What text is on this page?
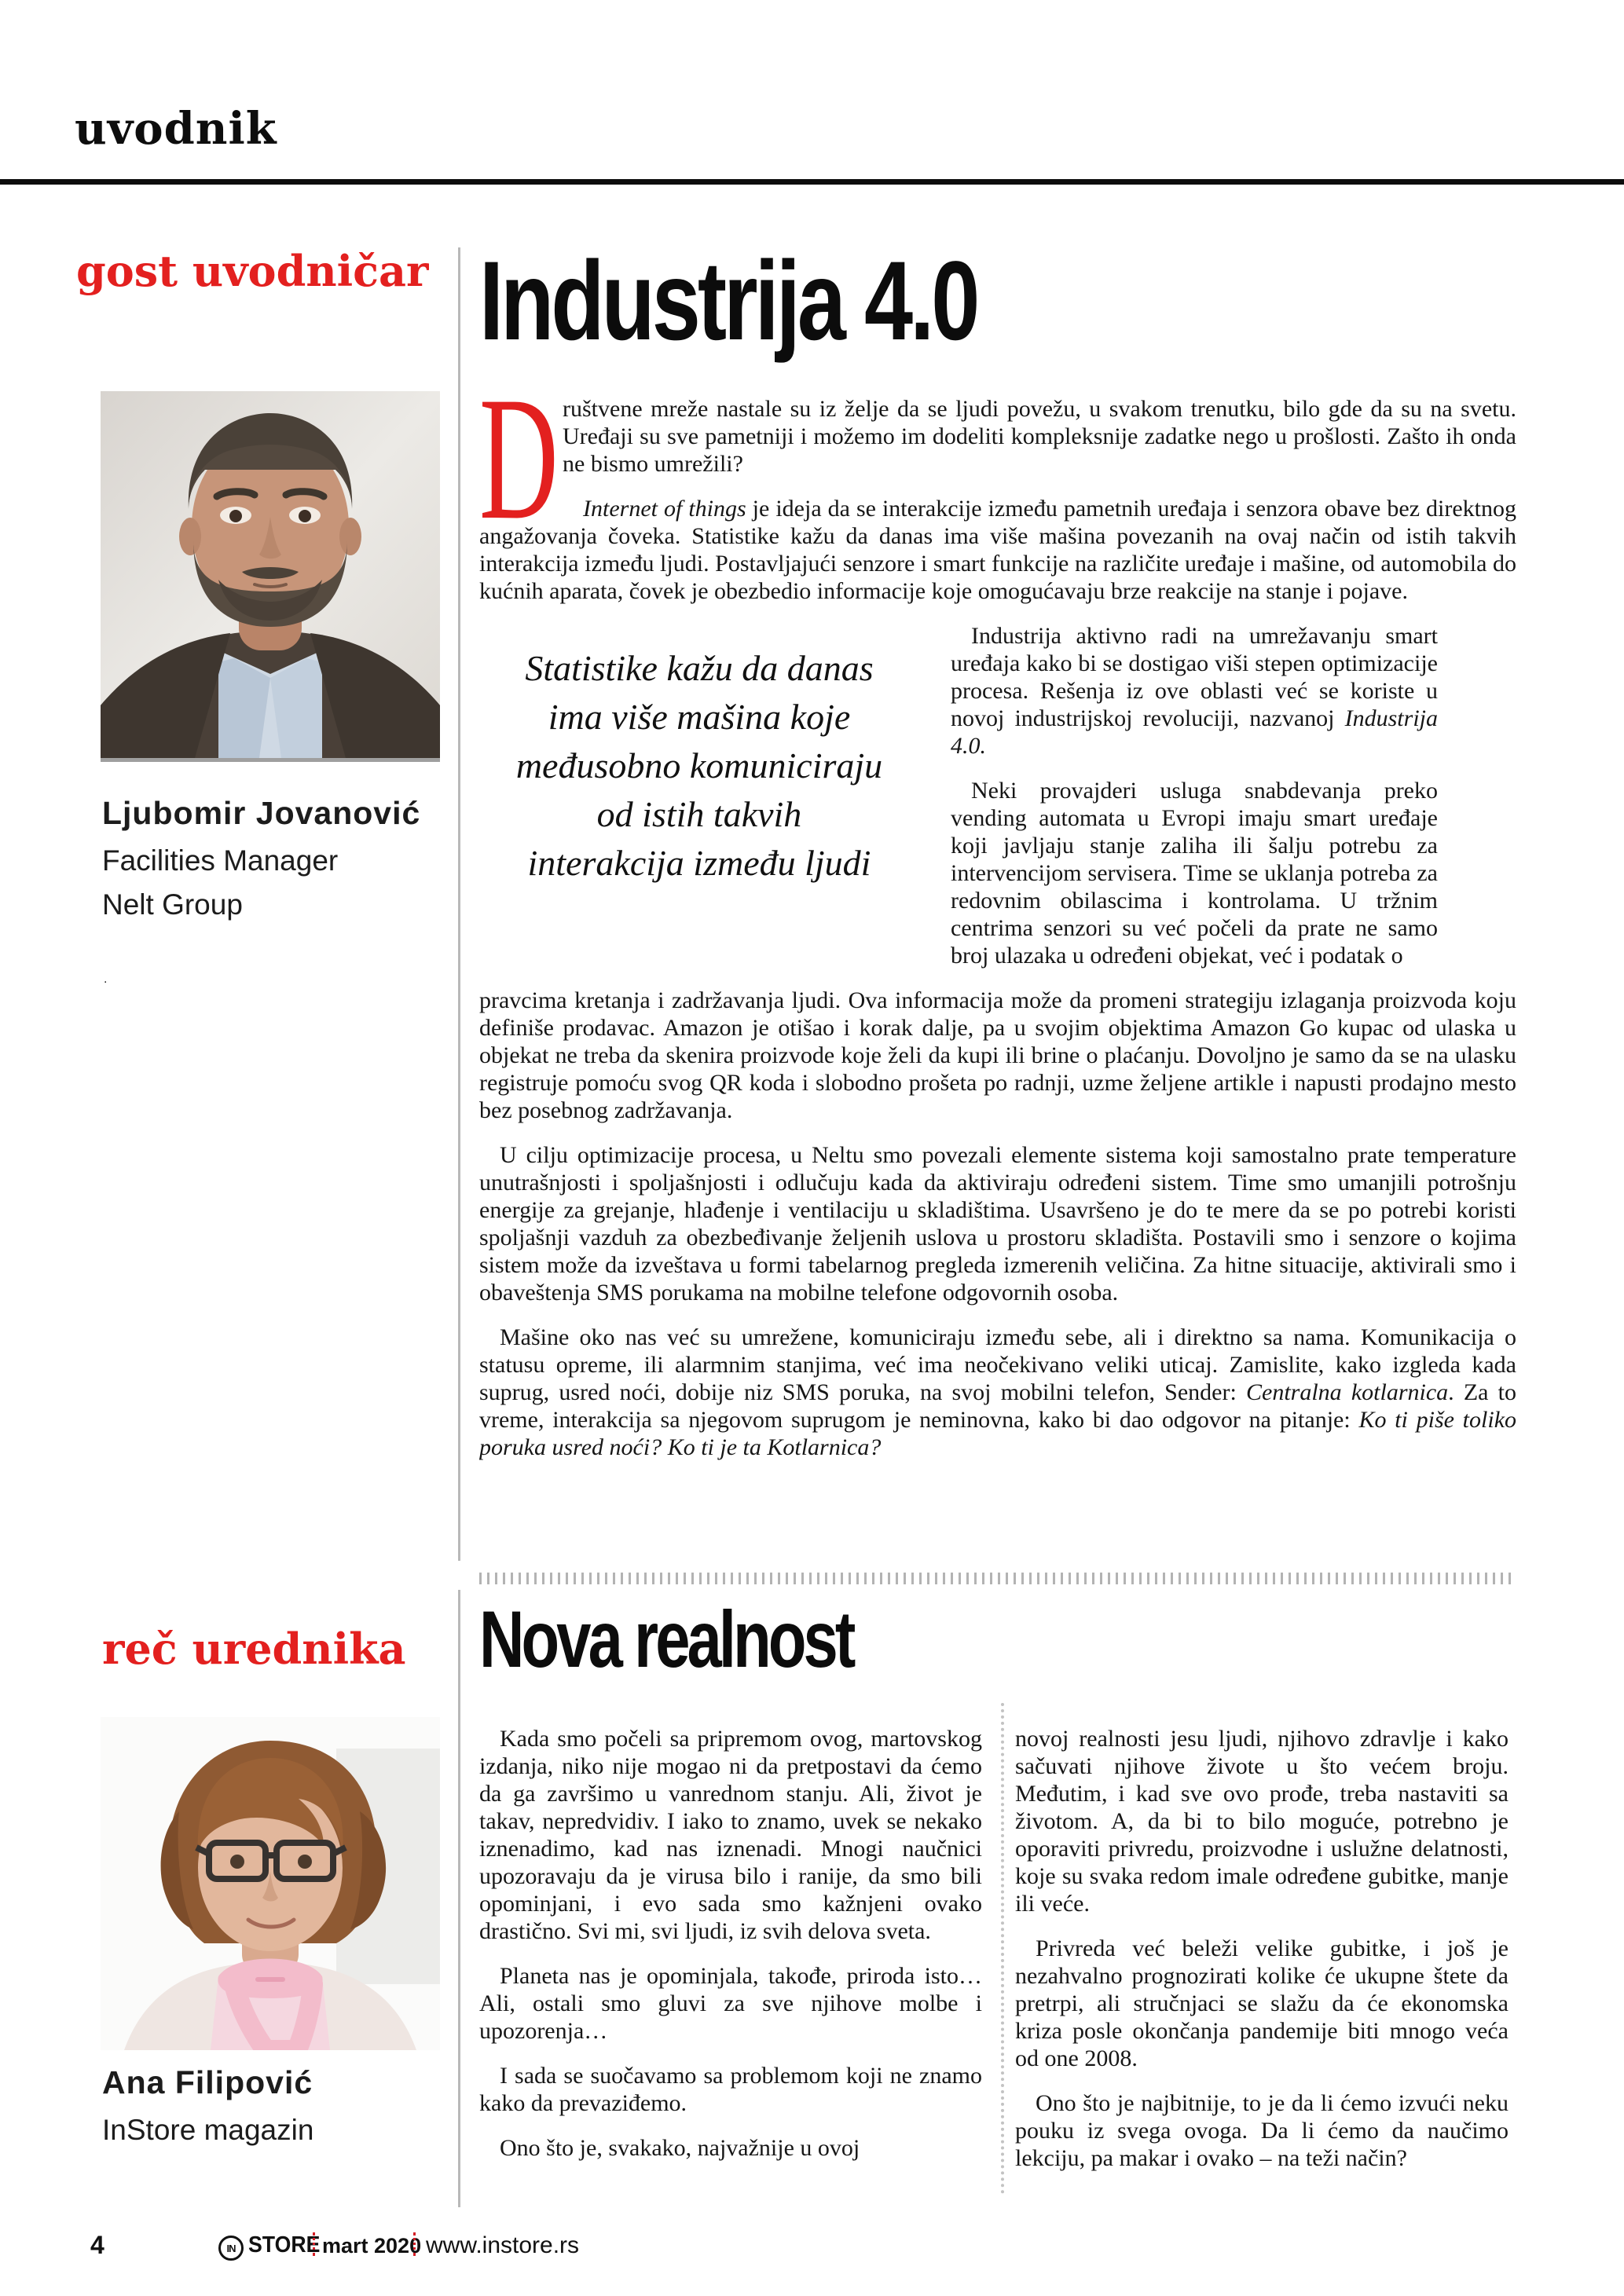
uvodnik
gost uvodničar
Ljubomir Jovanović
Facilities Manager
Nelt Group
.
Industrija 4.0
D ruštvene mreže nastale su iz želje da se ljudi povežu, u svakom trenutku, bilo gde da su na svetu. Uređaji su sve pametniji i možemo im dodeliti kompleksnije zadatke nego u prošlosti. Zašto ih onda ne bismo umrežili?

Internet of things je ideja da se interakcije između pametnih uređaja i senzora obave bez direktnog angažovanja čoveka. Statistike kažu da danas ima više mašina povezanih na ovaj način od istih takvih interakcija između ljudi. Postavljajući senzore i smart funkcije na različite uređaje i mašine, od automobila do kućnih aparata, čovek je obezbedio informacije koje omogućavaju brze reakcije na stanje i pojave.

Statistike kažu da danas ima više mašina koje međusobno komuniciraju od istih takvih interakcija između ljudi

Industrija aktivno radi na umrežavanju smart uređaja kako bi se dostigao viši stepen optimizacije procesa. Rešenja iz ove oblasti već se koriste u novoj industrijskoj revoluciji, nazvanoj Industrija 4.0.

Neki provajderi usluga snabdevanja preko vending automata u Evropi imaju smart uređaje koji javljaju stanje zaliha ili šalju potrebu za intervencijom servisera. Time se uklanja potreba za redovnim obilascima i kontrolama. U tržnim centrima senzori su već počeli da prate ne samo broj ulazaka u određeni objekat, već i podatak o

pravcima kretanja i zadržavanja ljudi. Ova informacija može da promeni strategiju izlaganja proizvoda koju definiše prodavac. Amazon je otišao i korak dalje, pa u svojim objektima Amazon Go kupac od ulaska u objekat ne treba da skenira proizvode koje želi da kupi ili brine o plaćanju. Dovoljno je samo da se na ulasku registruje pomoću svog QR koda i slobodno prošeta po radnji, uzme željene artikle i napusti prodajno mesto bez posebnog zadržavanja.

U cilju optimizacije procesa, u Neltu smo povezali elemente sistema koji samostalno prate temperature unutrašnjosti i spoljašnjosti i odlučuju kada da aktiviraju određeni sistem. Time smo umanjili potrošnju energije za grejanje, hlađenje i ventilaciju u skladištima. Usavršeno je do te mere da se po potrebi koristi spoljašnji vazduh za obezbeđivanje željenih uslova u prostoru skladišta. Postavili smo i senzore o kojima sistem može da izveštava u formi tabelarnog pregleda izmerenih veličina. Za hitne situacije, aktivirali smo i obaveštenja SMS porukama na mobilne telefone odgovornih osoba.

Mašine oko nas već su umrežene, komuniciraju između sebe, ali i direktno sa nama. Komunikacija o statusu opreme, ili alarmnim stanjima, već ima neočekivano veliki uticaj. Zamislite, kako izgleda kada suprug, usred noći, dobije niz SMS poruka, na svoj mobilni telefon, Sender: Centralna kotlarnica. Za to vreme, interakcija sa njegovom suprugom je neminovna, kako bi dao odgovor na pitanje: Ko ti piše toliko poruka usred noći? Ko ti je ta Kotlarnica?

reč urednika
Ana Filipović
InStore magazin
Nova realnost

Kada smo počeli sa pripremom ovog, martovskog izdanja, niko nije mogao ni da pretpostavi da ćemo da ga završimo u vanrednom stanju. Ali, život je takav, nepredvidiv. I iako to znamo, uvek se nekako iznenadimo, kad nas iznenadi. Mnogi naučnici upozoravaju da je virusa bilo i ranije, da smo bili opominjani, i evo sada smo kažnjeni ovako drastično. Svi mi, svi ljudi, iz svih delova sveta.

Planeta nas je opominjala, takođe, priroda isto… Ali, ostali smo gluvi za sve njihove molbe i upozorenja…

I sada se suočavamo sa problemom koji ne znamo kako da prevaziđemo.

Ono što je, svakako, najvažnije u ovoj

novoj realnosti jesu ljudi, njihovo zdravlje i kako sačuvati njihove živote u što većem broju. Međutim, i kad sve ovo prođe, treba nastaviti sa životom. A, da bi to bilo moguće, potrebno je oporaviti privredu, proizvodne i uslužne delatnosti, koje su svaka redom imale određene gubitke, manje ili veće.

Privreda već beleži velike gubitke, i još je nezahvalno prognozirati kolike će ukupne štete da pretrpi, ali stručnjaci se slažu da će ekonomska kriza posle okončanja pandemije biti mnogo veća od one 2008.

Ono što je najbitnije, to je da li ćemo izvući neku pouku iz svega ovoga. Da li ćemo da naučimo lekciju, pa makar i ovako – na teži način?

4	IN STORE mart 2020 www.instore.rs
